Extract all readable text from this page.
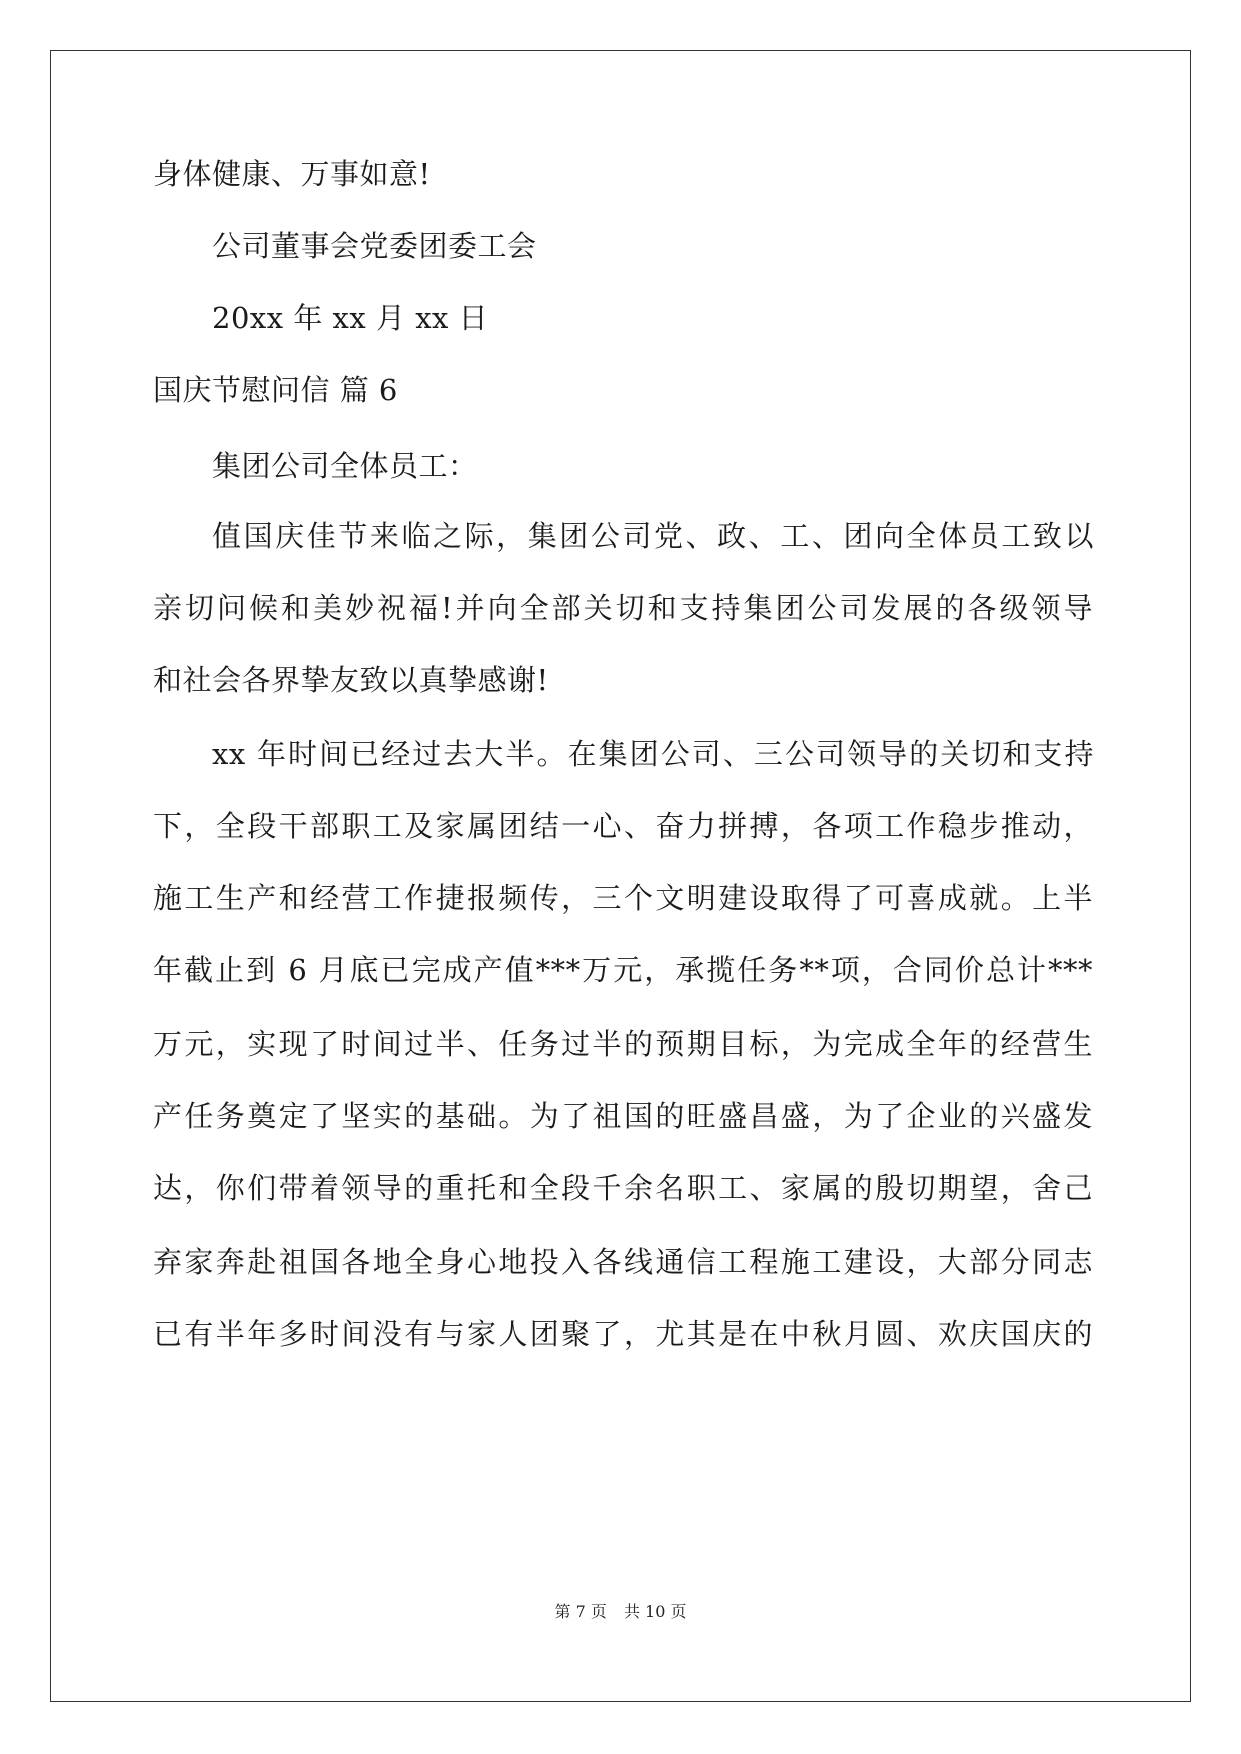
身体健康、万事如意!
公司董事会党委团委工会
20xx 年 xx 月 xx 日
国庆节慰问信 篇 6
集团公司全体员工：
值国庆佳节来临之际，集团公司党、政、工、团向全体员工致以
亲切问候和美妙祝福!并向全部关切和支持集团公司发展的各级领导
和社会各界挚友致以真挚感谢!
xx 年时间已经过去大半。在集团公司、三公司领导的关切和支持
下，全段干部职工及家属团结一心、奋力拼搏，各项工作稳步推动，
施工生产和经营工作捷报频传，三个文明建设取得了可喜成就。上半
年截止到 6 月底已完成产值***万元，承揽任务**项，合同价总计***
万元，实现了时间过半、任务过半的预期目标，为完成全年的经营生
产任务奠定了坚实的基础。为了祖国的旺盛昌盛，为了企业的兴盛发
达，你们带着领导的重托和全段千余名职工、家属的殷切期望，舍己
弃家奔赴祖国各地全身心地投入各线通信工程施工建设，大部分同志
已有半年多时间没有与家人团聚了，尤其是在中秋月圆、欢庆国庆的
第 7 页 共 10 页
